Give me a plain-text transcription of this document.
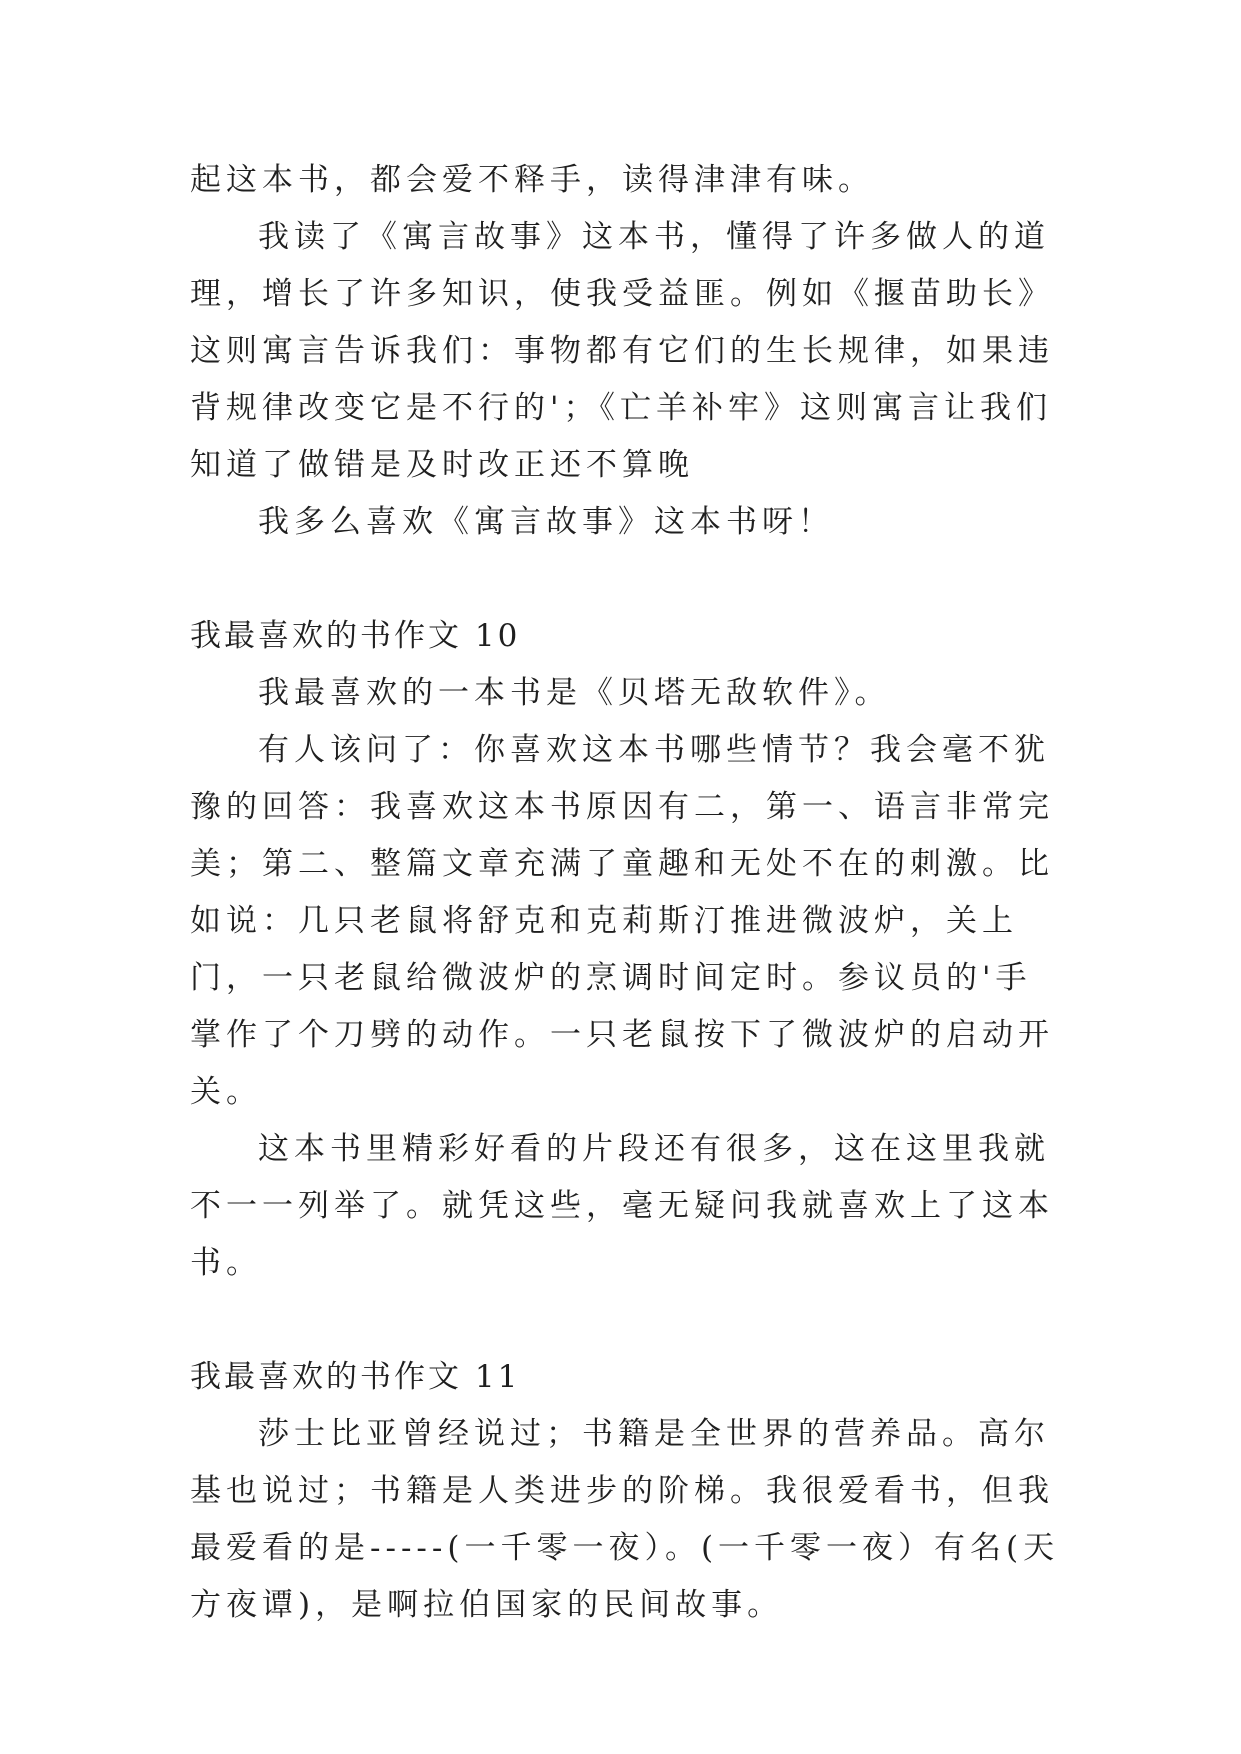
起这本书，都会爱不释手，读得津津有味。

我读了《寓言故事》这本书，懂得了许多做人的道理，增长了许多知识，使我受益匪。例如《揠苗助长》这则寓言告诉我们：事物都有它们的生长规律，如果违背规律改变它是不行的'；《亡羊补牢》这则寓言让我们知道了做错是及时改正还不算晚

我多么喜欢《寓言故事》这本书呀！

我最喜欢的书作文 10

我最喜欢的一本书是《贝塔无敌软件》。

有人该问了：你喜欢这本书哪些情节？我会毫不犹豫的回答：我喜欢这本书原因有二，第一、语言非常完美；第二、整篇文章充满了童趣和无处不在的刺激。比如说：几只老鼠将舒克和克莉斯汀推进微波炉，关上门，一只老鼠给微波炉的烹调时间定时。参议员的'手掌作了个刀劈的动作。一只老鼠按下了微波炉的启动开关。

这本书里精彩好看的片段还有很多，这在这里我就不一一列举了。就凭这些，毫无疑问我就喜欢上了这本书。

我最喜欢的书作文 11

莎士比亚曾经说过；书籍是全世界的营养品。高尔基也说过；书籍是人类进步的阶梯。我很爱看书，但我最爱看的是-----(一千零一夜）。(一千零一夜）有名(天方夜谭)，是啊拉伯国家的民间故事。
